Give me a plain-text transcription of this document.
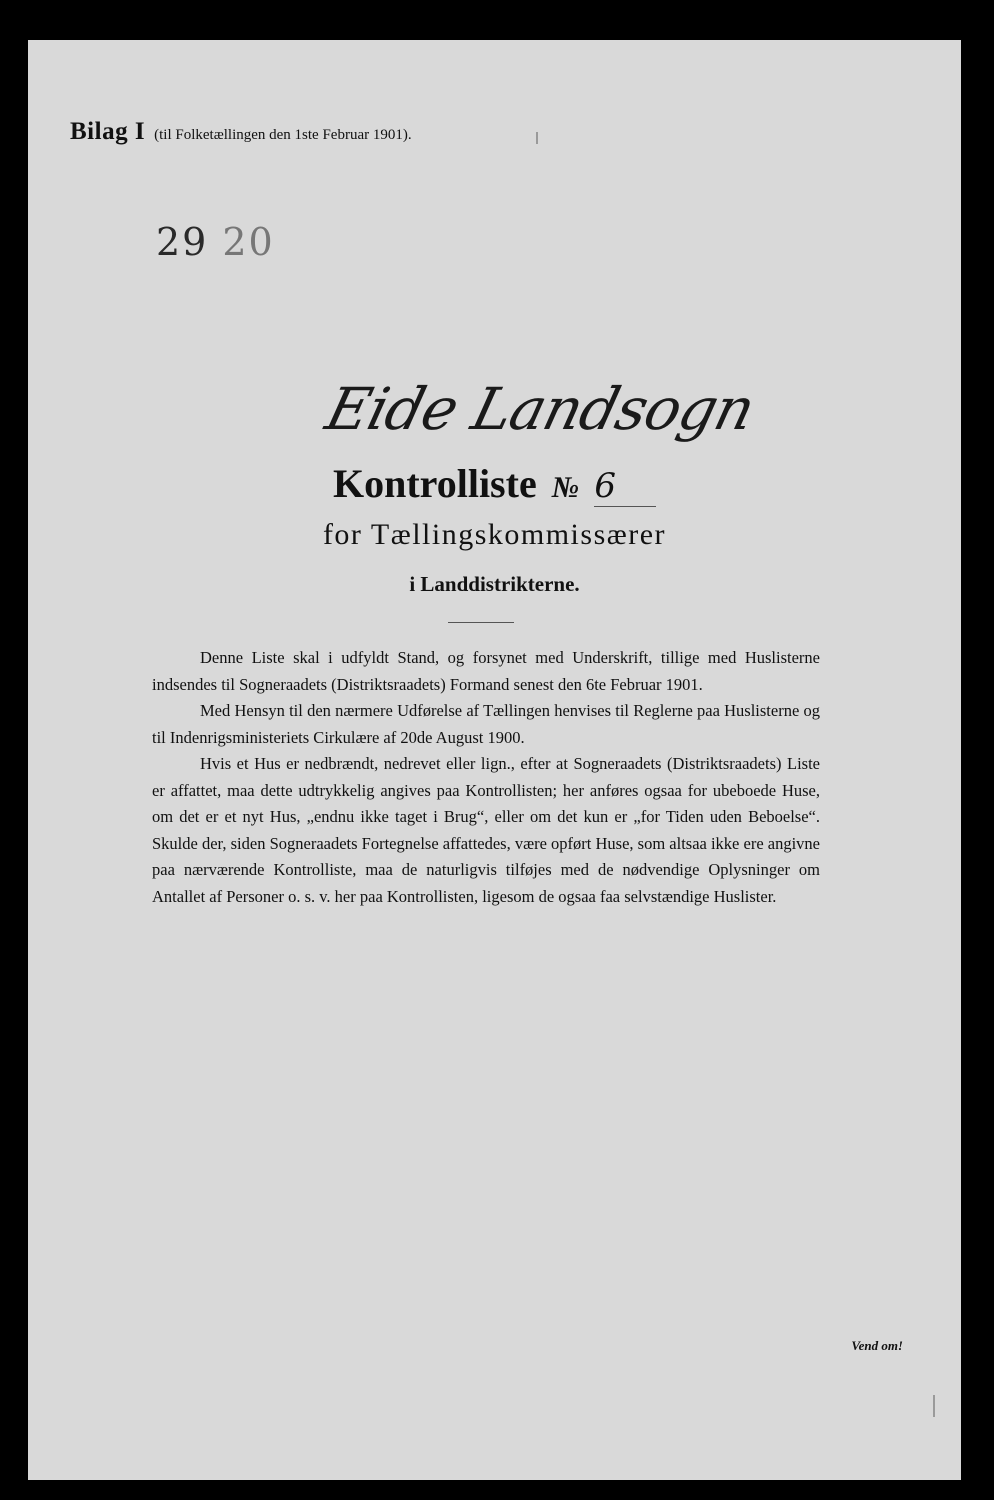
Bilag I (til Folketællingen den 1ste Februar 1901).
29 20
Eide Landsogn
Kontrolliste № 6
for Tællingskommissærer
i Landdistrikterne.

Denne Liste skal i udfyldt Stand, og forsynet med Underskrift, tillige med Huslisterne indsendes til Sogneraadets (Distriktsraadets) Formand senest den 6te Februar 1901.

Med Hensyn til den nærmere Udførelse af Tællingen henvises til Reglerne paa Huslisterne og til Indenrigsministeriets Cirkulære af 20de August 1900.

Hvis et Hus er nedbrændt, nedrevet eller lign., efter at Sogneraadets (Distriktsraadets) Liste er affattet, maa dette udtrykkelig angives paa Kontrollisten; her anføres ogsaa for ubeboede Huse, om det er et nyt Hus, „endnu ikke taget i Brug“, eller om det kun er „for Tiden uden Beboelse“. Skulde der, siden Sogneraadets Fortegnelse affattedes, være opført Huse, som altsaa ikke ere angivne paa nærværende Kontrolliste, maa de naturligvis tilføjes med de nødvendige Oplysninger om Antallet af Personer o. s. v. her paa Kontrollisten, ligesom de ogsaa faa selvstændige Huslister.

Vend om!
